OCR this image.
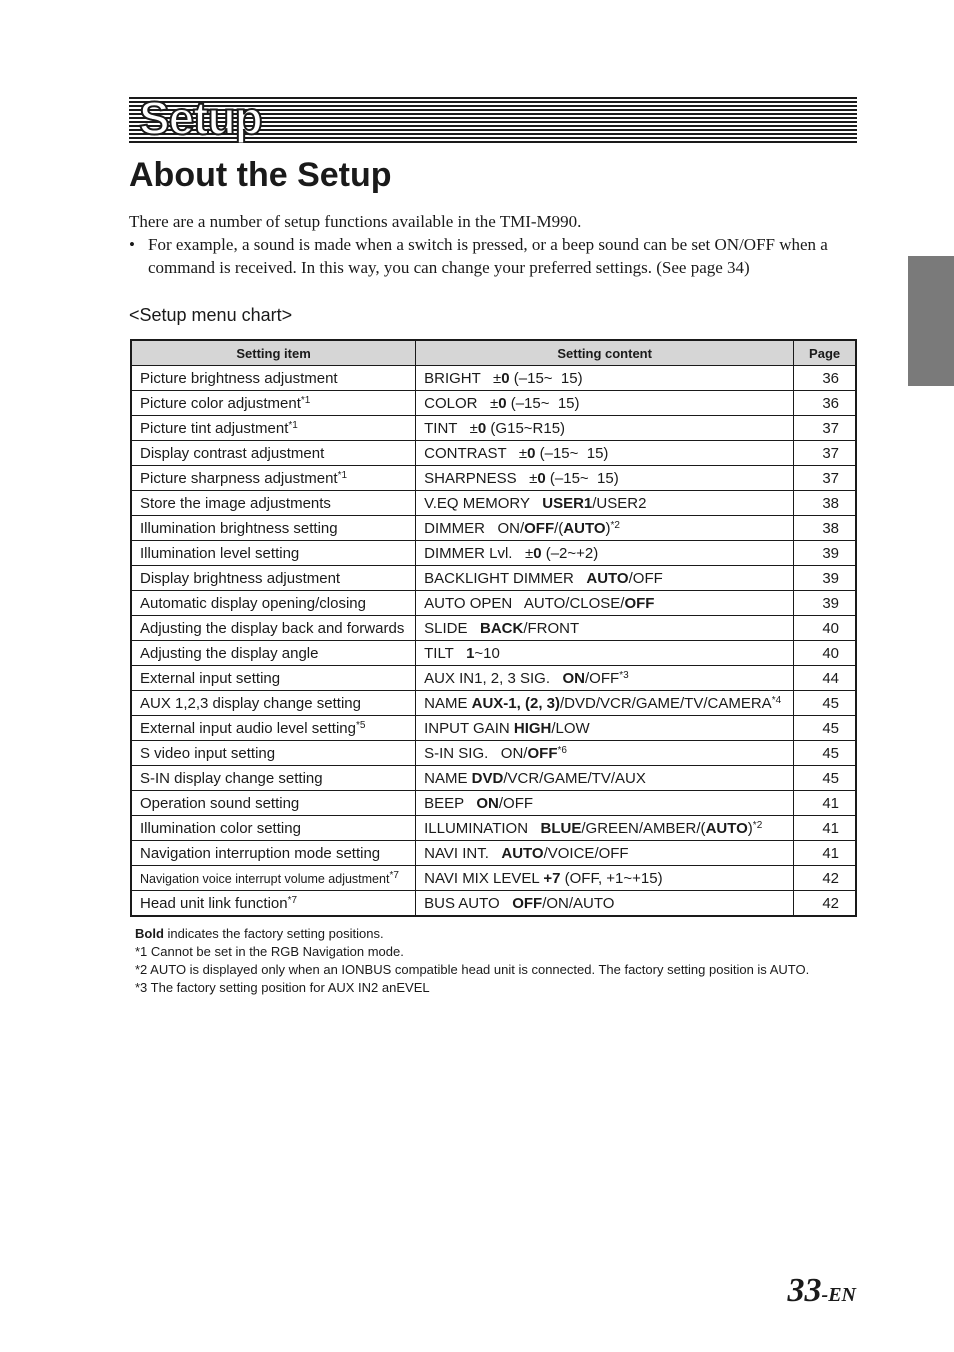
Setup
About the Setup

There are a number of setup functions available in the TMI-M990.

• For example, a sound is made when a switch is pressed, or a beep sound can be set ON/OFF when a command is received. In this way, you can change your preferred settings. (See page 34)
<Setup menu chart>
Setting item	Setting content	Page
Picture brightness adjustment	BRIGHT   ±0 (–15~  15)	36
Picture color adjustment$^{*1}$	COLOR   ±0 (–15~  15)	36
Picture tint adjustment$^{*1}$	TINT   ±0 (G15~R15)	37
Display contrast adjustment	CONTRAST   ±0 (–15~  15)	37
Picture sharpness adjustment$^{*1}$	SHARPNESS   ±0 (–15~  15)	37
Store the image adjustments	V.EQ MEMORY   USER1/USER2	38
Illumination brightness setting	DIMMER   ON/OFF/(AUTO)$^{*2}$	38
Illumination level setting	DIMMER Lvl.   ±0 (–2~+2)	39
Display brightness adjustment	BACKLIGHT DIMMER   AUTO/OFF	39
Automatic display opening/closing	AUTO OPEN   AUTO/CLOSE/OFF	39
Adjusting the display back and forwards	SLIDE   BACK/FRONT	40
Adjusting the display angle	TILT   1~10	40
External input setting	AUX IN1, 2, 3 SIG.   ON/OFF$^{*3}$	44
AUX 1,2,3 display change setting	NAME AUX-1, (2, 3)/DVD/VCR/GAME/TV/CAMERA$^{*4}$	45
External input audio level setting$^{*5}$	INPUT GAIN HIGH/LOW	45
S video input setting	S-IN SIG.   ON/OFF$^{*6}$	45
S-IN display change setting	NAME DVD/VCR/GAME/TV/AUX	45
Operation sound setting	BEEP   ON/OFF	41
Illumination color setting	ILLUMINATION   BLUE/GREEN/AMBER/(AUTO)$^{*2}$	41
Navigation interruption mode setting	NAVI INT.   AUTO/VOICE/OFF	41
Navigation voice interrupt volume adjustment$^{*7}$	NAVI MIX LEVEL +7 (OFF, +1~+15)	42
Head unit link function$^{*7}$	BUS AUTO   OFF/ON/AUTO	42
Bold indicates the factory setting positions.
*1 Cannot be set in the RGB Navigation mode.
*2 AUTO is displayed only when an IONBUS compatible head unit is connected. The factory setting position is AUTO.
*3 The factory setting position for AUX IN2 anEVEL
33-EN
